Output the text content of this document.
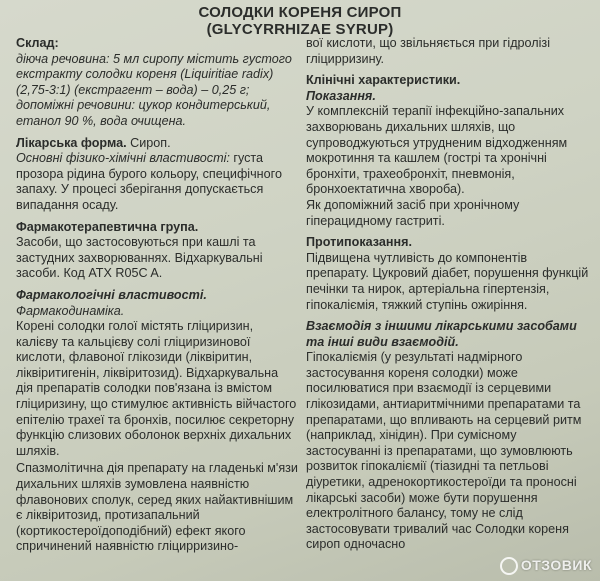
СОЛОДКИ КОРЕНЯ СИРОП
(GLYCYRRHIZAE SYRUP)

Склад:

діюча речовина: 5 мл сиропу містить густого екстракту солодки кореня (Liquiritiae radix) (2,75-3:1) (екстрагент – вода) – 0,25 г;

допоміжні речовини: цукор кондитерський, етанол 90 %, вода очищена.

Лікарська форма. Сироп.

Основні фізико-хімічні властивості: густа прозора рідина бурого кольору, специфічного запаху. У процесі зберігання допускається випадання осаду.

Фармакотерапевтична група.

Засоби, що застосовуються при кашлі та застудних захворюваннях. Відхаркувальні засоби. Код АТХ R05C A.

Фармакологічні властивості.

Фармакодинаміка.

Корені солодки голої містять гліциризин, калієву та кальцієву солі гліциризинової кислоти, флавоної глікозиди (ліквіритин, ліквіритигенін, ліквіритозид). Відхаркувальна дія препаратів солодки пов'язана із вмістом гліциризину, що стимулює активність війчастого епітелію трахеї та бронхів, посилює секреторну функцію слизових оболонок верхніх дихальних шляхів.

Спазмолітична дія препарату на гладенькі м'язи дихальних шляхів зумовлена наявністю флавонових сполук, серед яких найактивнішим є ліквіритозид, протизапальний (кортикостероїдоподібний) ефект якого спричинений наявністю гліцирризино-

вої кислоти, що звільняється при гідролізі гліцирризину.

Клінічні характеристики.

Показання.

У комплексній терапії інфекційно-запальних захворювань дихальних шляхів, що супроводжуються утрудненим відходженням мокротиння та кашлем (гострі та хронічні бронхіти, трахеобронхіт, пневмонія, бронхоектатична хвороба).

Як допоміжний засіб при хронічному гіперацидному гастриті.

Протипоказання.

Підвищена чутливість до компонентів препарату. Цукровий діабет, порушення функцій печінки та нирок, артеріальна гіпертензія, гіпокаліємія, тяжкий ступінь ожиріння.

Взаємодія з іншими лікарськими засобами та інші види взаємодій.

Гіпокаліємія (у результаті надмірного застосування кореня солодки) може посилюватися при взаємодії із серцевими глікозидами, антиаритмічними препаратами та препаратами, що впливають на серцевий ритм (наприклад, хінідин). При сумісному застосуванні із препаратами, що зумовлюють розвиток гіпокаліємії (тіазидні та петльові діуретики, адренокортикостероїди та проносні лікарські засоби) може бути порушення електролітного балансу, тому не слід застосовувати тривалий час Солодки кореня сироп одночасно

ОТЗОВИК
